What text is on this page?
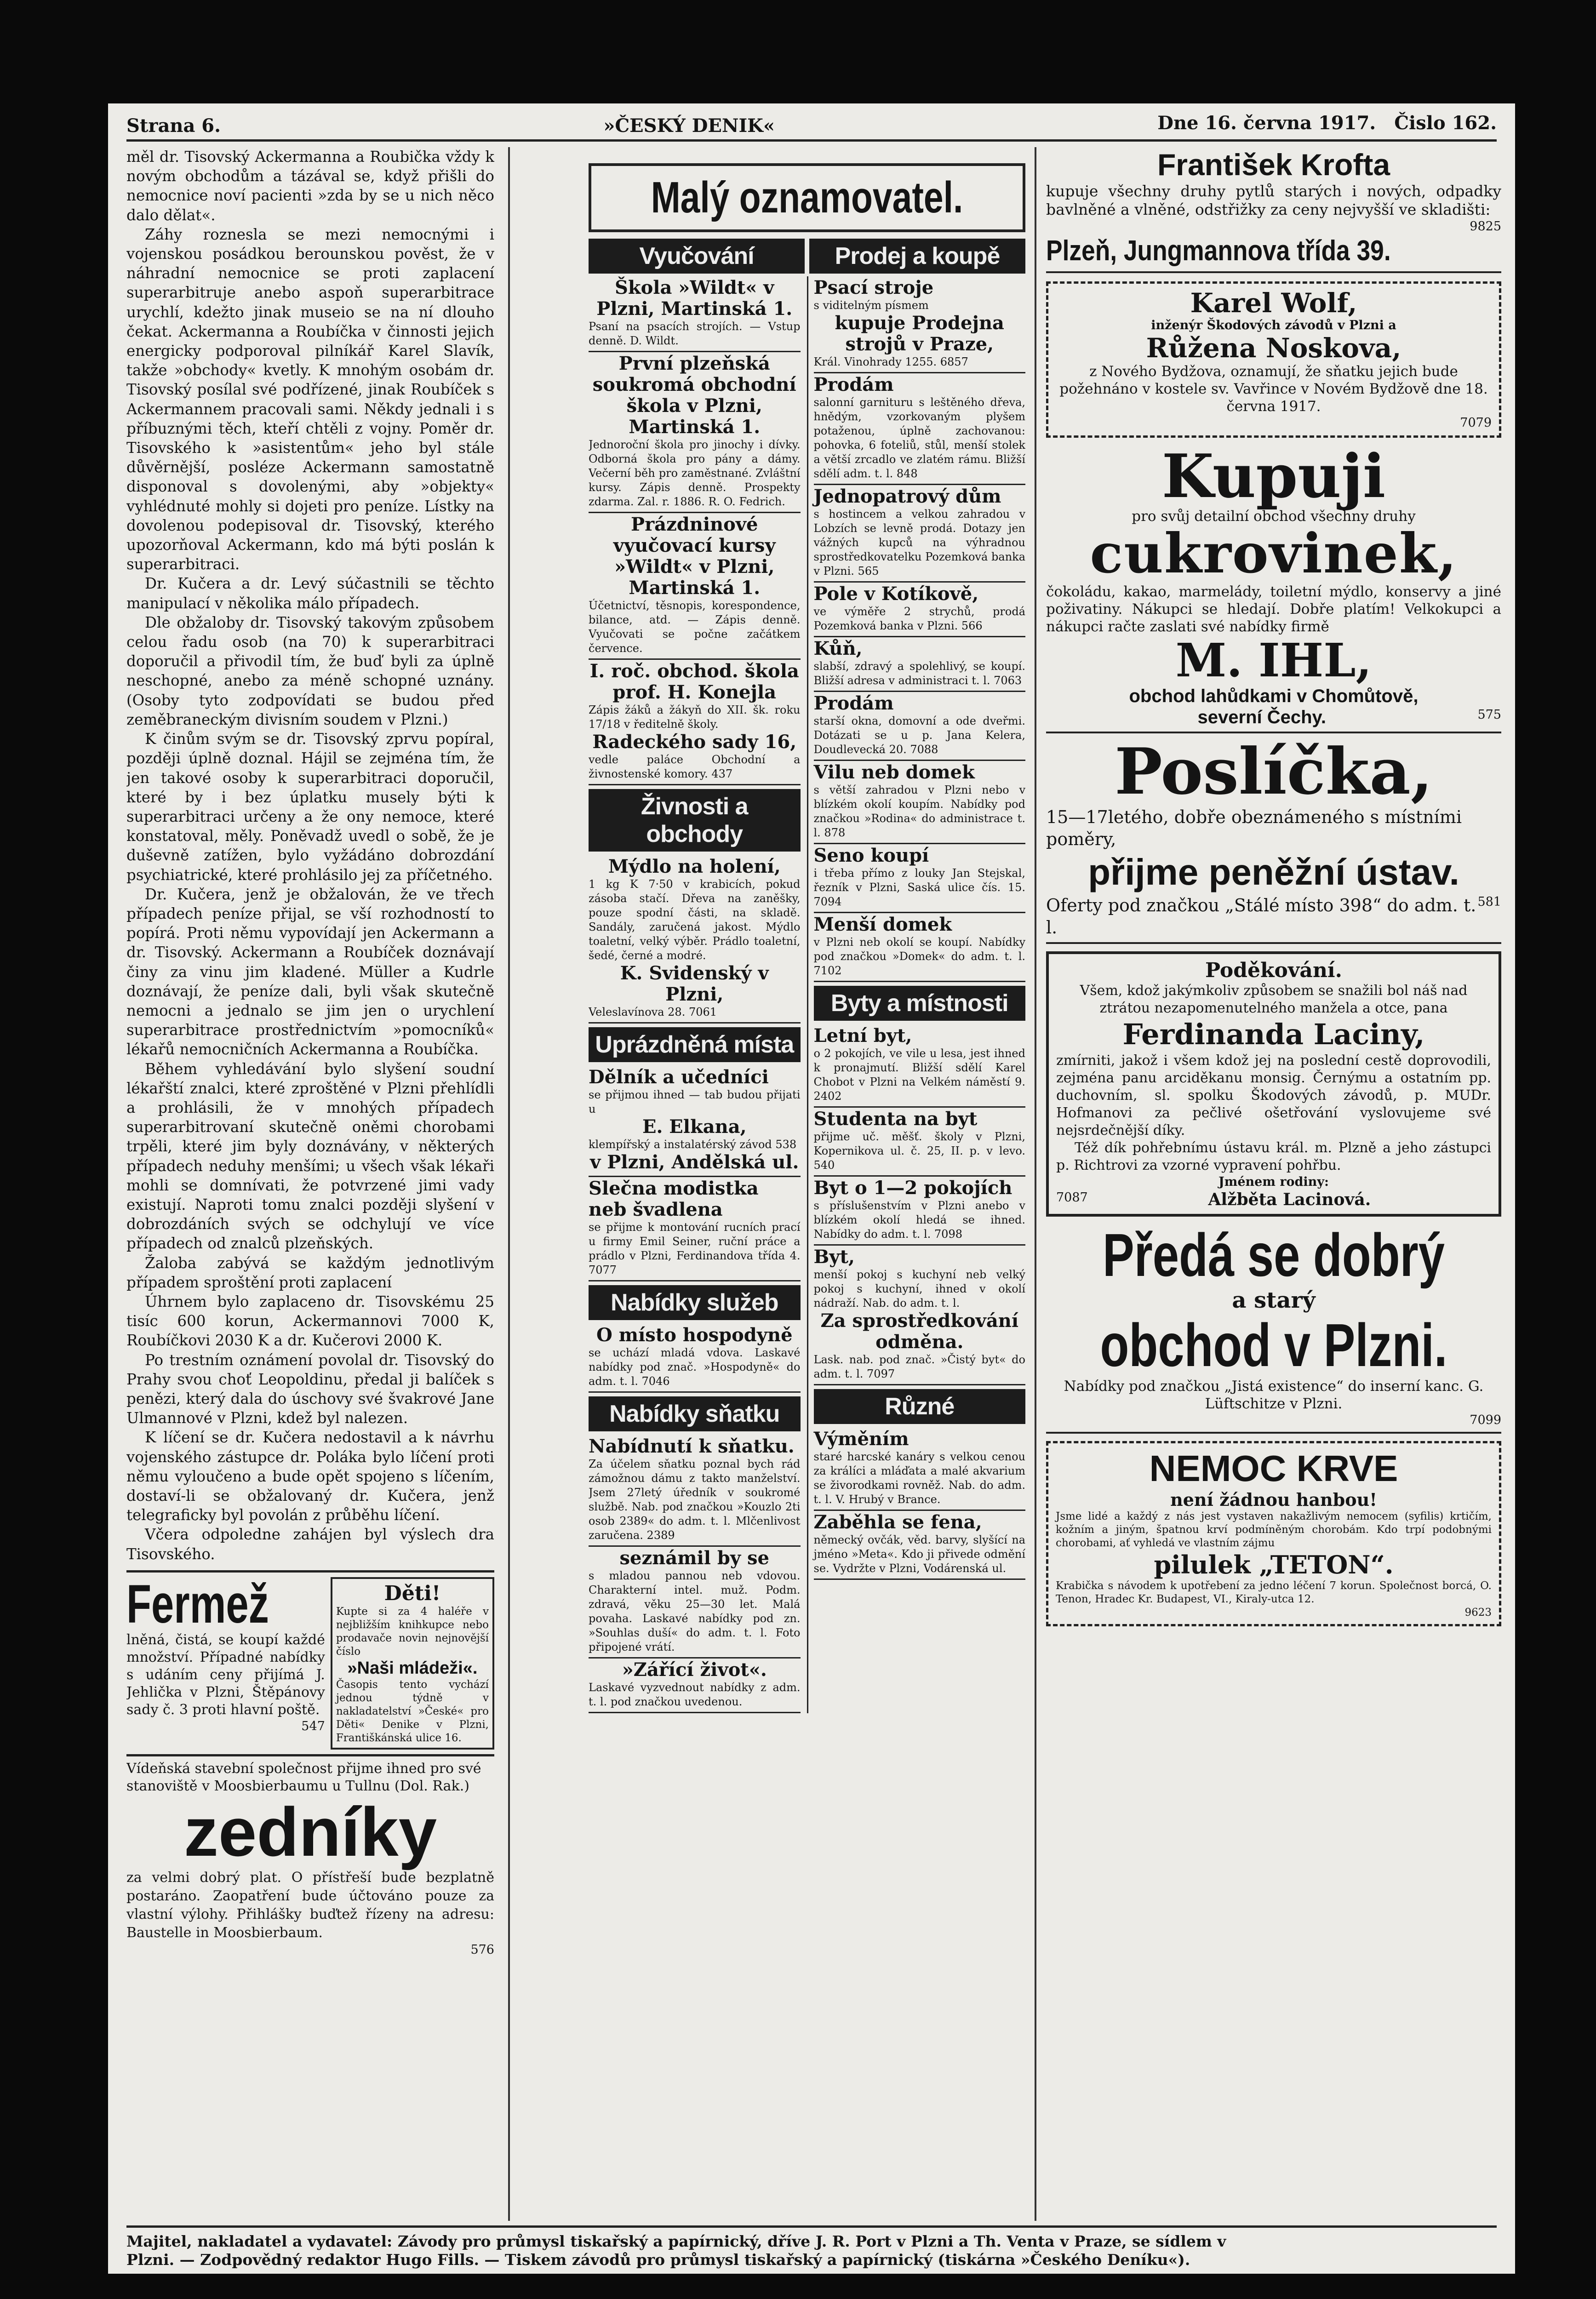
Strana 6.	»ČESKÝ DENIK«	Dne 16. června 1917. Čislo 162.

měl dr. Tisovský Ackermanna a Roubička vždy k novým obchodům a tázával se, když přišli do nemocnice noví pacienti »zda by se u nich něco dalo dělat«.

Záhy roznesla se mezi nemocnými i vojenskou posádkou berounskou pověst, že v náhradní nemocnice se proti zaplacení superarbitruje anebo aspoň superarbitrace urychlí, kdežto jinak museio se na ní dlouho čekat. Ackermanna a Roubíčka v činnosti jejich energicky podporoval pilníkář Karel Slavík, takže »obchody« kvetly. K mnohým osobám dr. Tisovský posílal své podřízené, jinak Roubíček s Ackermannem pracovali sami. Někdy jednali i s příbuznými těch, kteří chtěli z vojny. Poměr dr. Tisovského k »asistentům« jeho byl stále důvěrnější, posléze Ackermann samostatně disponoval s dovolenými, aby »objekty« vyhlédnuté mohly si dojeti pro peníze. Lístky na dovolenou podepisoval dr. Tisovský, kterého upozorňoval Ackermann, kdo má býti poslán k superarbitraci.

Dr. Kučera a dr. Levý súčastnili se těchto manipulací v několika málo případech.

Dle obžaloby dr. Tisovský takovým způsobem celou řadu osob (na 70) k superarbitraci doporučil a přivodil tím, že buď byli za úplně neschopné, anebo za méně schopné uznány. (Osoby tyto zodpovídati se budou před zeměbraneckým divisním soudem v Plzni.)

K činům svým se dr. Tisovský zprvu popíral, později úplně doznal. Hájil se zejména tím, že jen takové osoby k superarbitraci doporučil, které by i bez úplatku musely býti k superarbitraci určeny a že ony nemoce, které konstatoval, měly. Poněvadž uvedl o sobě, že je duševně zatížen, bylo vyžádáno dobrozdání psychiatrické, které prohlásilo jej za příčetného.

Dr. Kučera, jenž je obžalován, že ve třech případech peníze přijal, se vší rozhodností to popírá. Proti němu vypovídají jen Ackermann a dr. Tisovský. Ackermann a Roubíček doznávají činy za vinu jim kladené. Müller a Kudrle doznávají, že peníze dali, byli však skutečně nemocni a jednalo se jim jen o urychlení superarbitrace prostřednictvím »pomocníků« lékařů nemocničních Ackermanna a Roubíčka.

Během vyhledávání bylo slyšení soudní lékařští znalci, které zproštěné v Plzni přehlídli a prohlásili, že v mnohých případech superarbitrovaní skutečně oněmi chorobami trpěli, které jim byly doznávány, v některých případech neduhy menšími; u všech však lékaři mohli se domnívati, že potvrzené jimi vady existují. Naproti tomu znalci později slyšení v dobrozdáních svých se odchylují ve více případech od znalců plzeňských.

Žaloba zabývá se každým jednotlivým případem sproštění proti zaplacení

Úhrnem bylo zaplaceno dr. Tisovskému 25 tisíc 600 korun, Ackermannovi 7000 K, Roubíčkovi 2030 K a dr. Kučerovi 2000 K.

Po trestním oznámení povolal dr. Tisovský do Prahy svou choť Leopoldinu, předal ji balíček s penězi, který dala do úschovy své švakrové Jane Ulmannové v Plzni, kdež byl nalezen.

K líčení se dr. Kučera nedostavil a k návrhu vojenského zástupce dr. Poláka bylo líčení proti němu vyloučeno a bude opět spojeno s líčením, dostaví-li se obžalovaný dr. Kučera, jenž telegraficky byl povolán z průběhu líčení.

Včera odpoledne zahájen byl výslech dra Tisovského.

Fermež
lněná, čistá, se koupí každé množství. Případné nabídky s udáním ceny přijímá J. Jehlička v Plzni, Štěpánovy sady č. 3 proti hlavní poště.
547
Děti!
Kupte si za 4 haléře v nejbližším knihkupce nebo prodavače novin nejnovější číslo
»Naši mládeži«.
Časopis tento vychází jednou týdně v nakladatelství »České« pro Děti« Denike v Plzni, Františkánská ulice 16.
Vídeňská stavební společnost přijme ihned pro své stanoviště v Moosbierbaumu u Tullnu (Dol. Rak.)
zedníky
za velmi dobrý plat. O přístřeší bude bezplatně postaráno. Zaopatření bude účtováno pouze za vlastní výlohy. Přihlášky buďtež řízeny na adresu: Baustelle in Moosbierbaum.
576
Malý oznamovatel.
Vyučování	Prodej a koupě
Škola »Wildt« v Plzni, Martinská 1.
Psaní na psacích strojích. — Vstup denně. D. Wildt.
První plzeňská soukromá obchodní škola v Plzni, Martinská 1.
Jednoroční škola pro jinochy i dívky. Odborná škola pro pány a dámy. Večerní běh pro zaměstnané. Zvláštní kursy. Zápis denně. Prospekty zdarma. Zal. r. 1886. R. O. Fedrich.
Prázdninové vyučovací kursy »Wildt« v Plzni, Martinská 1.
Účetnictví, těsnopis, korespondence, bilance, atd. — Zápis denně. Vyučovati se počne začátkem července.
I. roč. obchod. škola prof. H. Konejla
Zápis žáků a žákyň do XII. šk. roku 17/18 v ředitelně školy.
Radeckého sady 16,
vedle paláce Obchodní a živnostenské komory. 437
Živnosti a obchody
Mýdlo na holení,
1 kg K 7·50 v krabicích, pokud zásoba stačí. Dřeva na zaněšky, pouze spodní části, na skladě. Sandály, zaručená jakost. Mýdlo toaletní, velký výběr. Prádlo toaletní, šedé, černé a modré.
K. Svidenský v Plzni,
Veleslavínova 28. 7061
Uprázdněná místa
Dělník a učedníci
se přijmou ihned — tab budou přijati u
E. Elkana,
klempířský a instalatérský závod 538
v Plzni, Andělská ul.
Slečna modistka neb švadlena
se přijme k montování rucních prací u firmy Emil Seiner, ruční práce a prádlo v Plzni, Ferdinandova třída 4. 7077
Nabídky služeb
O místo hospodyně
se uchází mladá vdova. Laskavé nabídky pod znač. »Hospodyně« do adm. t. l. 7046
Nabídky sňatku
Nabídnutí k sňatku.
Za účelem sňatku poznal bych rád zámožnou dámu z takto manželství. Jsem 27letý úředník v soukromé službě. Nab. pod značkou »Kouzlo 2ti osob 2389« do adm. t. l. Mlčenlivost zaručena. 2389
seznámil by se
s mladou pannou neb vdovou. Charakterní intel. muž. Podm. zdravá, věku 25—30 let. Malá povaha. Laskavé nabídky pod zn. »Souhlas duší« do adm. t. l. Foto připojené vrátí.
»Zářící život«.
Laskavé vyzvednout nabídky z adm. t. l. pod značkou uvedenou.
Psací stroje
s viditelným písmem
kupuje Prodejna strojů v Praze,
Král. Vinohrady 1255. 6857
Prodám
salonní garnituru s leštěného dřeva, hnědým, vzorkovaným plyšem potaženou, úplně zachovanou: pohovka, 6 foteliů, stůl, menší stolek a větší zrcadlo ve zlatém rámu. Bližší sdělí adm. t. l. 848
Jednopatrový dům
s hostincem a velkou zahradou v Lobzích se levně prodá. Dotazy jen vážných kupců na výhradnou sprostředkovatelku Pozemková banka v Plzni. 565
Pole v Kotíkově,
ve výměře 2 strychů, prodá Pozemková banka v Plzni. 566
Kůň,
slabší, zdravý a spolehlivý, se koupí. Bližší adresa v administraci t. l. 7063
Prodám
starší okna, domovní a ode dveřmi. Dotázati se u p. Jana Kelera, Doudlevecká 20. 7088
Vilu neb domek
s větší zahradou v Plzni nebo v blízkém okolí koupím. Nabídky pod značkou »Rodina« do administrace t. l. 878
Seno koupí
i třeba přímo z louky Jan Stejskal, řezník v Plzni, Saská ulice čís. 15. 7094
Menší domek
v Plzni neb okolí se koupí. Nabídky pod značkou »Domek« do adm. t. l. 7102
Byty a místnosti
Letní byt,
o 2 pokojích, ve vile u lesa, jest ihned k pronajmutí. Bližší sdělí Karel Chobot v Plzni na Velkém náměstí 9. 2402
Studenta na byt
přijme uč. měšť. školy v Plzni, Kopernikova ul. č. 25, II. p. v levo. 540
Byt o 1—2 pokojích
s příslušenstvím v Plzni anebo v blízkém okolí hledá se ihned. Nabídky do adm. t. l. 7098
Byt,
menší pokoj s kuchyní neb velký pokoj s kuchyní, ihned v okolí nádraží. Nab. do adm. t. l.
Za sprostředkování odměna.
Lask. nab. pod znač. »Čistý byt« do adm. t. l. 7097
Různé
Výměním
staré harcské kanáry s velkou cenou za králíci a mláďata a malé akvarium se živorodkami rovněž. Nab. do adm. t. l. V. Hrubý v Brance.
Zaběhla se fena,
německý ovčák, věd. barvy, slyšící na jméno »Meta«. Kdo ji přivede odmění se. Vydržte v Plzni, Vodárenská ul.
František Krofta
kupuje všechny druhy pytlů starých i nových, odpadky bavlněné a vlněné, odstřižky za ceny nejvyšší ve skladišti:
9825
Plzeň, Jungmannova třída 39.
Karel Wolf,
inženýr Škodových závodů v Plzni a
Růžena Noskova,
z Nového Bydžova, oznamují, že sňatku jejich bude požehnáno v kostele sv. Vavřince v Novém Bydžově dne 18. června 1917.
7079
Kupuji
pro svůj detailní obchod všechny druhy
cukrovinek,
čokoládu, kakao, marmelády, toiletní mýdlo, konservy a jiné poživatiny. Nákupci se hledají. Dobře platím! Velkokupci a nákupci račte zaslati své nabídky firmě
M. IHL,
obchod lahůdkami v Chomůtově,
severní Čechy.	575
Poslíčka,
15—17letého, dobře obeznámeného s místními poměry,
přijme peněžní ústav.
Oferty pod značkou „Stálé místo 398“ do adm. t. l.
581
Poděkování.
Všem, kdož jakýmkoliv způsobem se snažili bol náš nad ztrátou nezapomenutelného manžela a otce, pana
Ferdinanda Laciny,
zmírniti, jakož i všem kdož jej na poslední cestě doprovodili, zejména panu arciděkanu monsig. Černýmu a ostatním pp. duchovním, sl. spolku Škodových závodů, p. MUDr. Hofmanovi za pečlivé ošetřování vyslovujeme své nejsrdečnější díky.
Též dík pohřebnímu ústavu král. m. Plzně a jeho zástupci p. Richtrovi za vzorné vypravení pohřbu.
Jménem rodiny:
7087	Alžběta Lacinová.
Předá se dobrý
a starý
obchod v Plzni.
Nabídky pod značkou „Jistá existence“ do inserní kanc. G. Lüftschitze v Plzni.
7099
NEMOC KRVE
není žádnou hanbou!
Jsme lidé a každý z nás jest vystaven nakažlivým nemocem (syfilis) krtičím, kožním a jiným, špatnou krví podmíněným chorobám. Kdo trpí podobnými chorobami, ať vyhledá ve vlastním zájmu
pilulek „TETON“.
Krabička s návodem k upotřebení za jedno léčení 7 korun. Společnost borcá, O. Tenon, Hradec Kr. Budapest, VI., Kiraly-utca 12.
9623
Majitel, nakladatel a vydavatel: Závody pro průmysl tiskařský a papírnický, dříve J. R. Port v Plzni a Th. Venta v Praze, se sídlem v
Plzni. — Zodpovědný redaktor Hugo Fills. — Tiskem závodů pro průmysl tiskařský a papírnický (tiskárna »Českého Deníku«).
